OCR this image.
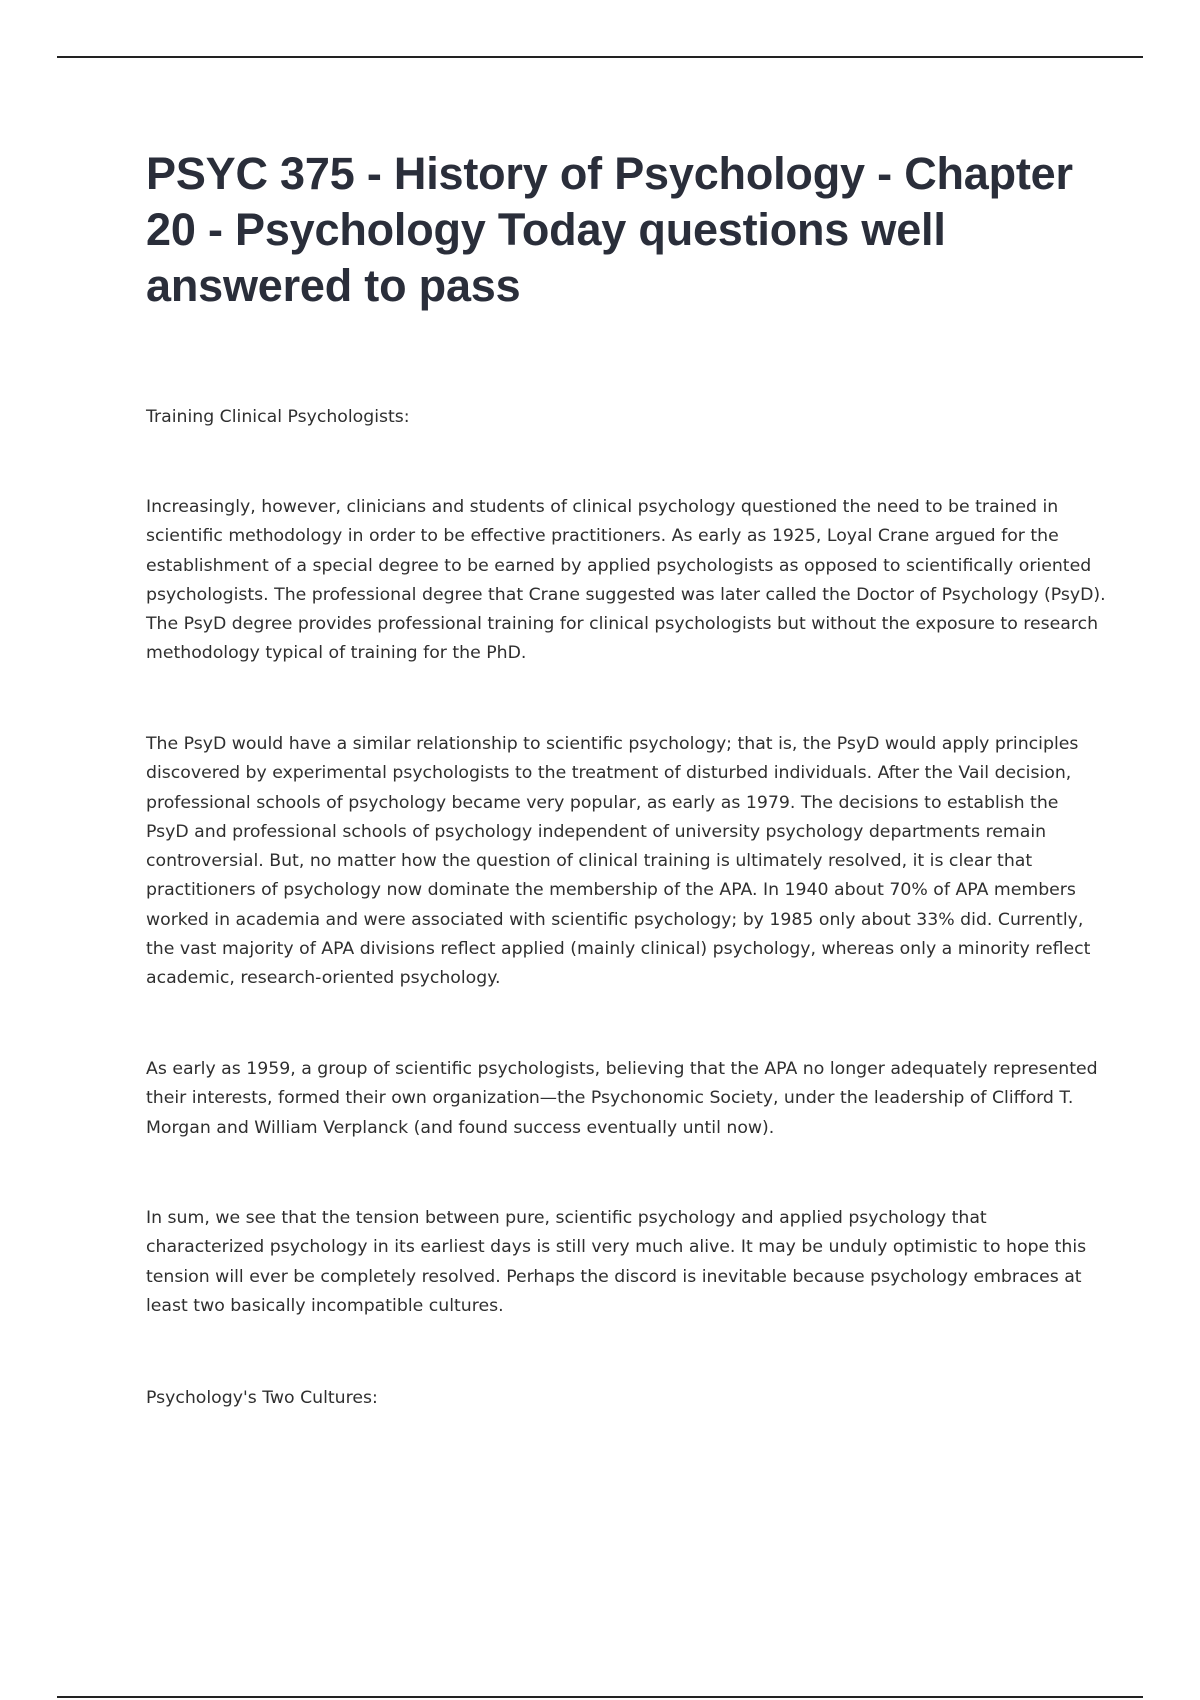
PSYC 375 - History of Psychology - Chapter 20 - Psychology Today questions well answered to pass

Training Clinical Psychologists:

Increasingly, however, clinicians and students of clinical psychology questioned the need to be trained in scientific methodology in order to be effective practitioners. As early as 1925, Loyal Crane argued for the establishment of a special degree to be earned by applied psychologists as opposed to scientifically oriented psychologists. The professional degree that Crane suggested was later called the Doctor of Psychology (PsyD). The PsyD degree provides professional training for clinical psychologists but without the exposure to research methodology typical of training for the PhD.

The PsyD would have a similar relationship to scientific psychology; that is, the PsyD would apply principles discovered by experimental psychologists to the treatment of disturbed individuals. After the Vail decision, professional schools of psychology became very popular, as early as 1979. The decisions to establish the PsyD and professional schools of psychology independent of university psychology departments remain controversial. But, no matter how the question of clinical training is ultimately resolved, it is clear that practitioners of psychology now dominate the membership of the APA. In 1940 about 70% of APA members worked in academia and were associated with scientific psychology; by 1985 only about 33% did. Currently, the vast majority of APA divisions reflect applied (mainly clinical) psychology, whereas only a minority reflect academic, research-oriented psychology.

As early as 1959, a group of scientific psychologists, believing that the APA no longer adequately represented their interests, formed their own organization—the Psychonomic Society, under the leadership of Clifford T. Morgan and William Verplanck (and found success eventually until now).

In sum, we see that the tension between pure, scientific psychology and applied psychology that characterized psychology in its earliest days is still very much alive. It may be unduly optimistic to hope this tension will ever be completely resolved. Perhaps the discord is inevitable because psychology embraces at least two basically incompatible cultures.

Psychology's Two Cultures:
